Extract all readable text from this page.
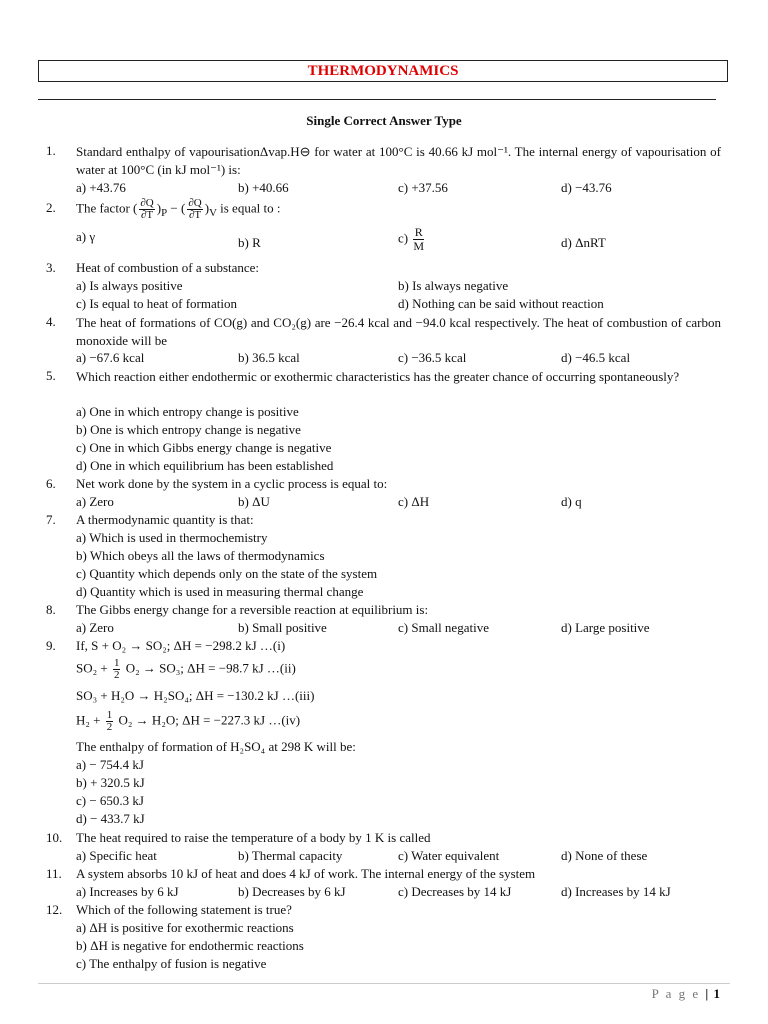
THERMODYNAMICS
Single Correct Answer Type
1. Standard enthalpy of vapourisationΔvap.H⊖ for water at 100°C is 40.66 kJ mol⁻¹. The internal energy of vapourisation of water at 100°C (in kJ mol⁻¹) is:
a) +43.76	b) +40.66	c) +37.56	d) −43.76
2. The factor ( $\frac{\partial Q}{\partial T} )_P$ − ( $\frac{\partial Q}{\partial T} )_V$ is equal to :
a) γ	b) R	$c) \frac{R}{M}$	d) ΔnRT
3. Heat of combustion of a substance:
a) Is always positive	b) Is always negative
c) Is equal to heat of formation	d) Nothing can be said without reaction
4. The heat of formations of CO(g) and CO₂(g) are −26.4 kcal and −94.0 kcal respectively. The heat of combustion of carbon monoxide will be
a) −67.6 kcal	b) 36.5 kcal	c) −36.5 kcal	d) −46.5 kcal
5. Which reaction either endothermic or exothermic characteristics has the greater chance of occurring spontaneously?
a) One in which entropy change is positive
b) One is which entropy change is negative
c) One in which Gibbs energy change is negative
d) One in which equilibrium has been established
6. Net work done by the system in a cyclic process is equal to:
a) Zero	b) ΔU	c) ΔH	d) q
7. A thermodynamic quantity is that:
a) Which is used in thermochemistry
b) Which obeys all the laws of thermodynamics
c) Quantity which depends only on the state of the system
d) Quantity which is used in measuring thermal change
8. The Gibbs energy change for a reversible reaction at equilibrium is:
a) Zero	b) Small positive	c) Small negative	d) Large positive
9. If, S + O₂ → SO₂; ΔH = −298.2 kJ …(i)
$SO_2 + \frac{1}{2} O_2 \to SO_3$; ΔH = −98.7 kJ …(ii)
SO₃ + H₂O → H₂SO₄; ΔH = −130.2 kJ …(iii)
$H_2 + \frac{1}{2} O_2 \to H_2O$; ΔH = −227.3 kJ …(iv)
The enthalpy of formation of H₂SO₄ at 298 K will be:
a) − 754.4 kJ
b) + 320.5 kJ
c) − 650.3 kJ
d) − 433.7 kJ
10. The heat required to raise the temperature of a body by 1 K is called
a) Specific heat	b) Thermal capacity	c) Water equivalent	d) None of these
11. A system absorbs 10 kJ of heat and does 4 kJ of work. The internal energy of the system
a) Increases by 6 kJ	b) Decreases by 6 kJ	c) Decreases by 14 kJ	d) Increases by 14 kJ
12. Which of the following statement is true?
a) ΔH is positive for exothermic reactions
b) ΔH is negative for endothermic reactions
c) The enthalpy of fusion is negative
P a g e | 1
